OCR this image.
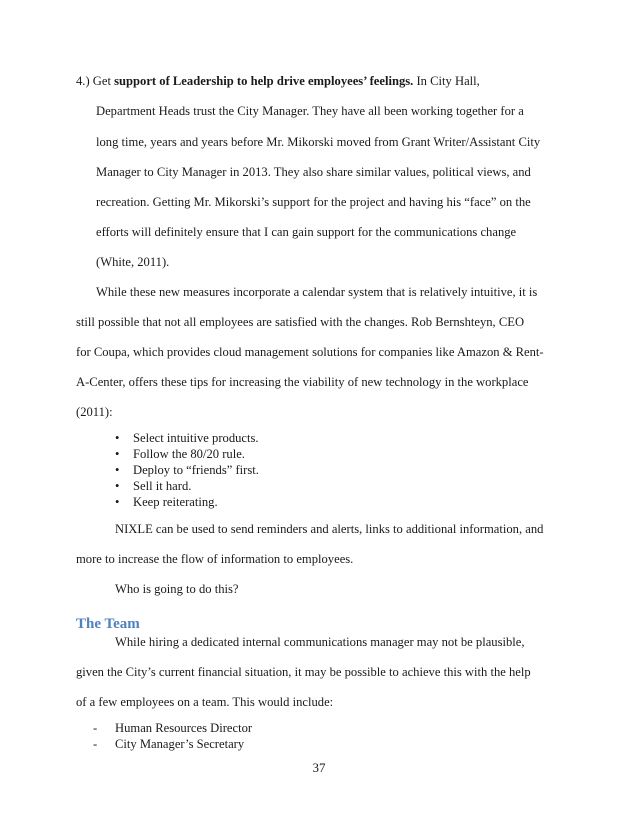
4.) Get support of Leadership to help drive employees’ feelings. In City Hall,
Department Heads trust the City Manager. They have all been working together for a
long time, years and years before Mr. Mikorski moved from Grant Writer/Assistant City
Manager to City Manager in 2013. They also share similar values, political views, and
recreation. Getting Mr. Mikorski’s support for the project and having his “face” on the
efforts will definitely ensure that I can gain support for the communications change
(White, 2011).
While these new measures incorporate a calendar system that is relatively intuitive, it is
still possible that not all employees are satisfied with the changes. Rob Bernshteyn, CEO
for Coupa, which provides cloud management solutions for companies like Amazon & Rent-
A-Center, offers these tips for increasing the viability of new technology in the workplace
(2011):
• Select intuitive products.
• Follow the 80/20 rule.
• Deploy to “friends” first.
• Sell it hard.
• Keep reiterating.
NIXLE can be used to send reminders and alerts, links to additional information, and
more to increase the flow of information to employees.
Who is going to do this?
The Team
While hiring a dedicated internal communications manager may not be plausible,
given the City’s current financial situation, it may be possible to achieve this with the help
of a few employees on a team. This would include:
- Human Resources Director
- City Manager’s Secretary
37
